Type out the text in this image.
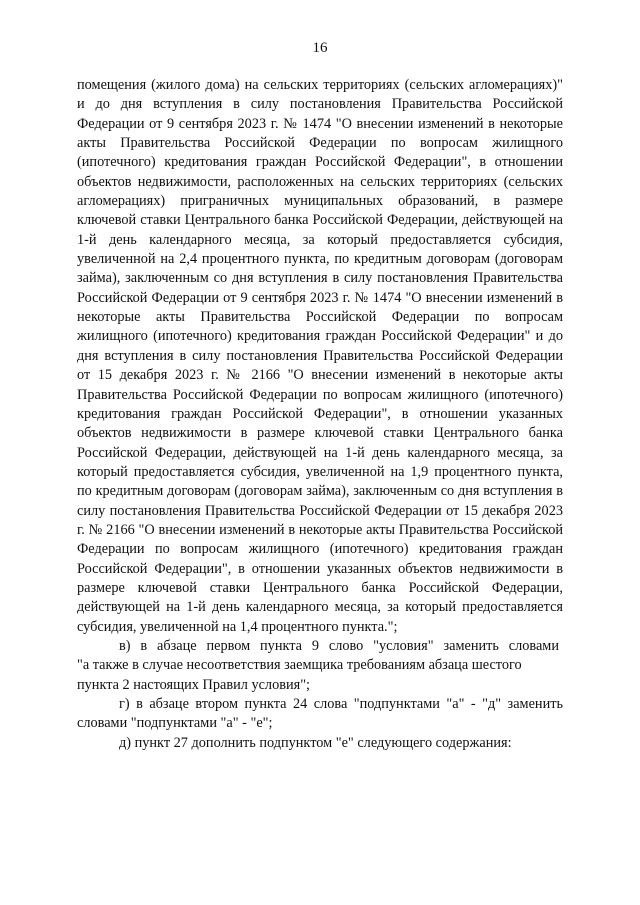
16

помещения (жилого дома) на сельских территориях (сельских агломерациях)" и до дня вступления в силу постановления Правительства Российской Федерации от 9 сентября 2023 г. № 1474 "О внесении изменений в некоторые акты Правительства Российской Федерации по вопросам жилищного (ипотечного) кредитования граждан Российской Федерации", в отношении объектов недвижимости, расположенных на сельских территориях (сельских агломерациях) приграничных муниципальных образований, в размере ключевой ставки Центрального банка Российской Федерации, действующей на 1-й день календарного месяца, за который предоставляется субсидия, увеличенной на 2,4 процентного пункта, по кредитным договорам (договорам займа), заключенным со дня вступления в силу постановления Правительства Российской Федерации от 9 сентября 2023 г. № 1474 "О внесении изменений в некоторые акты Правительства Российской Федерации по вопросам жилищного (ипотечного) кредитования граждан Российской Федерации" и до дня вступления в силу постановления Правительства Российской Федерации от 15 декабря 2023 г. № 2166 "О внесении изменений в некоторые акты Правительства Российской Федерации по вопросам жилищного (ипотечного) кредитования граждан Российской Федерации", в отношении указанных объектов недвижимости в размере ключевой ставки Центрального банка Российской Федерации, действующей на 1-й день календарного месяца, за который предоставляется субсидия, увеличенной на 1,9 процентного пункта, по кредитным договорам (договорам займа), заключенным со дня вступления в силу постановления Правительства Российской Федерации от 15 декабря 2023 г. № 2166 "О внесении изменений в некоторые акты Правительства Российской Федерации по вопросам жилищного (ипотечного) кредитования граждан Российской Федерации", в отношении указанных объектов недвижимости в размере ключевой ставки Центрального банка Российской Федерации, действующей на 1-й день календарного месяца, за который предоставляется субсидия, увеличенной на 1,4 процентного пункта.";

в) в абзаце первом пункта 9 слово "условия" заменить словами

"а также в случае несоответствия заемщика требованиям абзаца шестого пункта 2 настоящих Правил условия";

г) в абзаце втором пункта 24 слова "подпунктами "а" - "д" заменить словами "подпунктами "а" - "е";

д) пункт 27 дополнить подпунктом "е" следующего содержания:
